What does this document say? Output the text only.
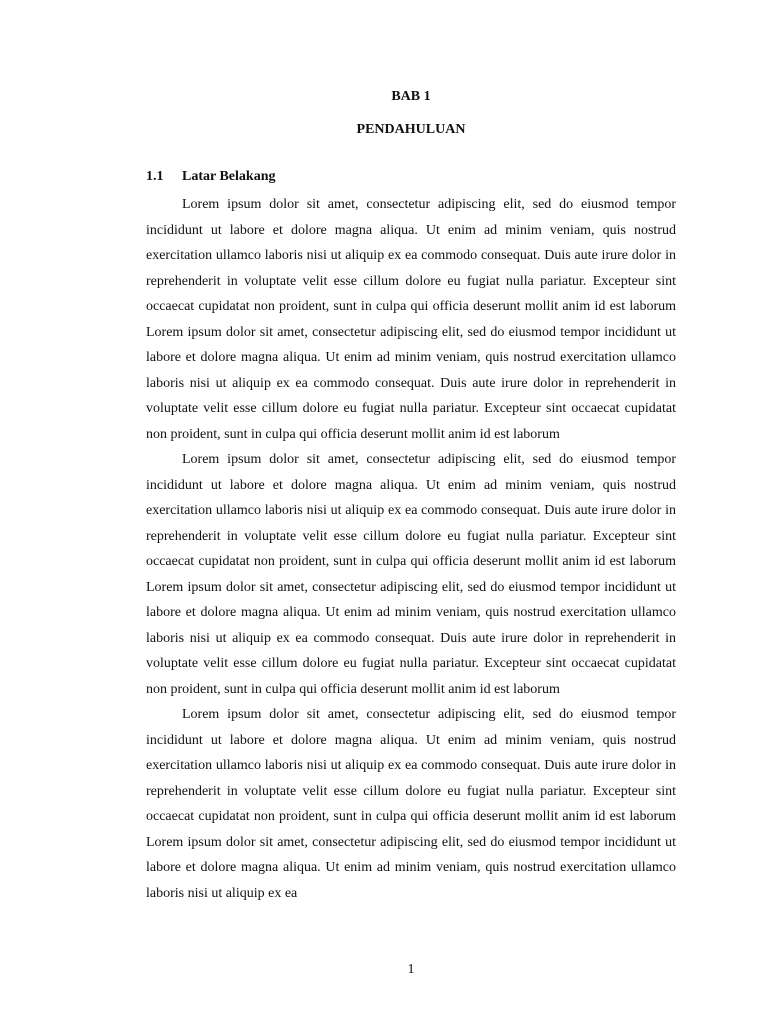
BAB 1

PENDAHULUAN

1.1 Latar Belakang

Lorem ipsum dolor sit amet, consectetur adipiscing elit, sed do eiusmod tempor incididunt ut labore et dolore magna aliqua. Ut enim ad minim veniam, quis nostrud exercitation ullamco laboris nisi ut aliquip ex ea commodo consequat. Duis aute irure dolor in reprehenderit in voluptate velit esse cillum dolore eu fugiat nulla pariatur. Excepteur sint occaecat cupidatat non proident, sunt in culpa qui officia deserunt mollit anim id est laborum Lorem ipsum dolor sit amet, consectetur adipiscing elit, sed do eiusmod tempor incididunt ut labore et dolore magna aliqua. Ut enim ad minim veniam, quis nostrud exercitation ullamco laboris nisi ut aliquip ex ea commodo consequat. Duis aute irure dolor in reprehenderit in voluptate velit esse cillum dolore eu fugiat nulla pariatur. Excepteur sint occaecat cupidatat non proident, sunt in culpa qui officia deserunt mollit anim id est laborum

Lorem ipsum dolor sit amet, consectetur adipiscing elit, sed do eiusmod tempor incididunt ut labore et dolore magna aliqua. Ut enim ad minim veniam, quis nostrud exercitation ullamco laboris nisi ut aliquip ex ea commodo consequat. Duis aute irure dolor in reprehenderit in voluptate velit esse cillum dolore eu fugiat nulla pariatur. Excepteur sint occaecat cupidatat non proident, sunt in culpa qui officia deserunt mollit anim id est laborum Lorem ipsum dolor sit amet, consectetur adipiscing elit, sed do eiusmod tempor incididunt ut labore et dolore magna aliqua. Ut enim ad minim veniam, quis nostrud exercitation ullamco laboris nisi ut aliquip ex ea commodo consequat. Duis aute irure dolor in reprehenderit in voluptate velit esse cillum dolore eu fugiat nulla pariatur. Excepteur sint occaecat cupidatat non proident, sunt in culpa qui officia deserunt mollit anim id est laborum

Lorem ipsum dolor sit amet, consectetur adipiscing elit, sed do eiusmod tempor incididunt ut labore et dolore magna aliqua. Ut enim ad minim veniam, quis nostrud exercitation ullamco laboris nisi ut aliquip ex ea commodo consequat. Duis aute irure dolor in reprehenderit in voluptate velit esse cillum dolore eu fugiat nulla pariatur. Excepteur sint occaecat cupidatat non proident, sunt in culpa qui officia deserunt mollit anim id est laborum Lorem ipsum dolor sit amet, consectetur adipiscing elit, sed do eiusmod tempor incididunt ut labore et dolore magna aliqua. Ut enim ad minim veniam, quis nostrud exercitation ullamco laboris nisi ut aliquip ex ea

1
